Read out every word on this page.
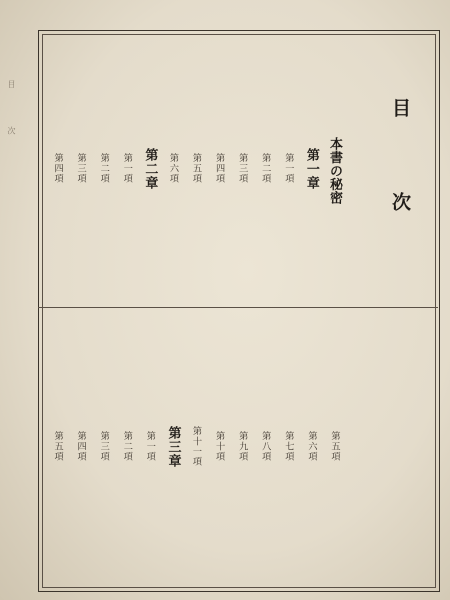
目 次	目 次
本書の秘密
第一章
第一項
第二項
第三項
第四項
第五項
第六項
第二章
第一項
第二項
第三項
第四項
第五項
第六項
第七項
第八項
第九項
第十項
第十一項
第三章
第一項
第二項
第三項
第四項
第五項
